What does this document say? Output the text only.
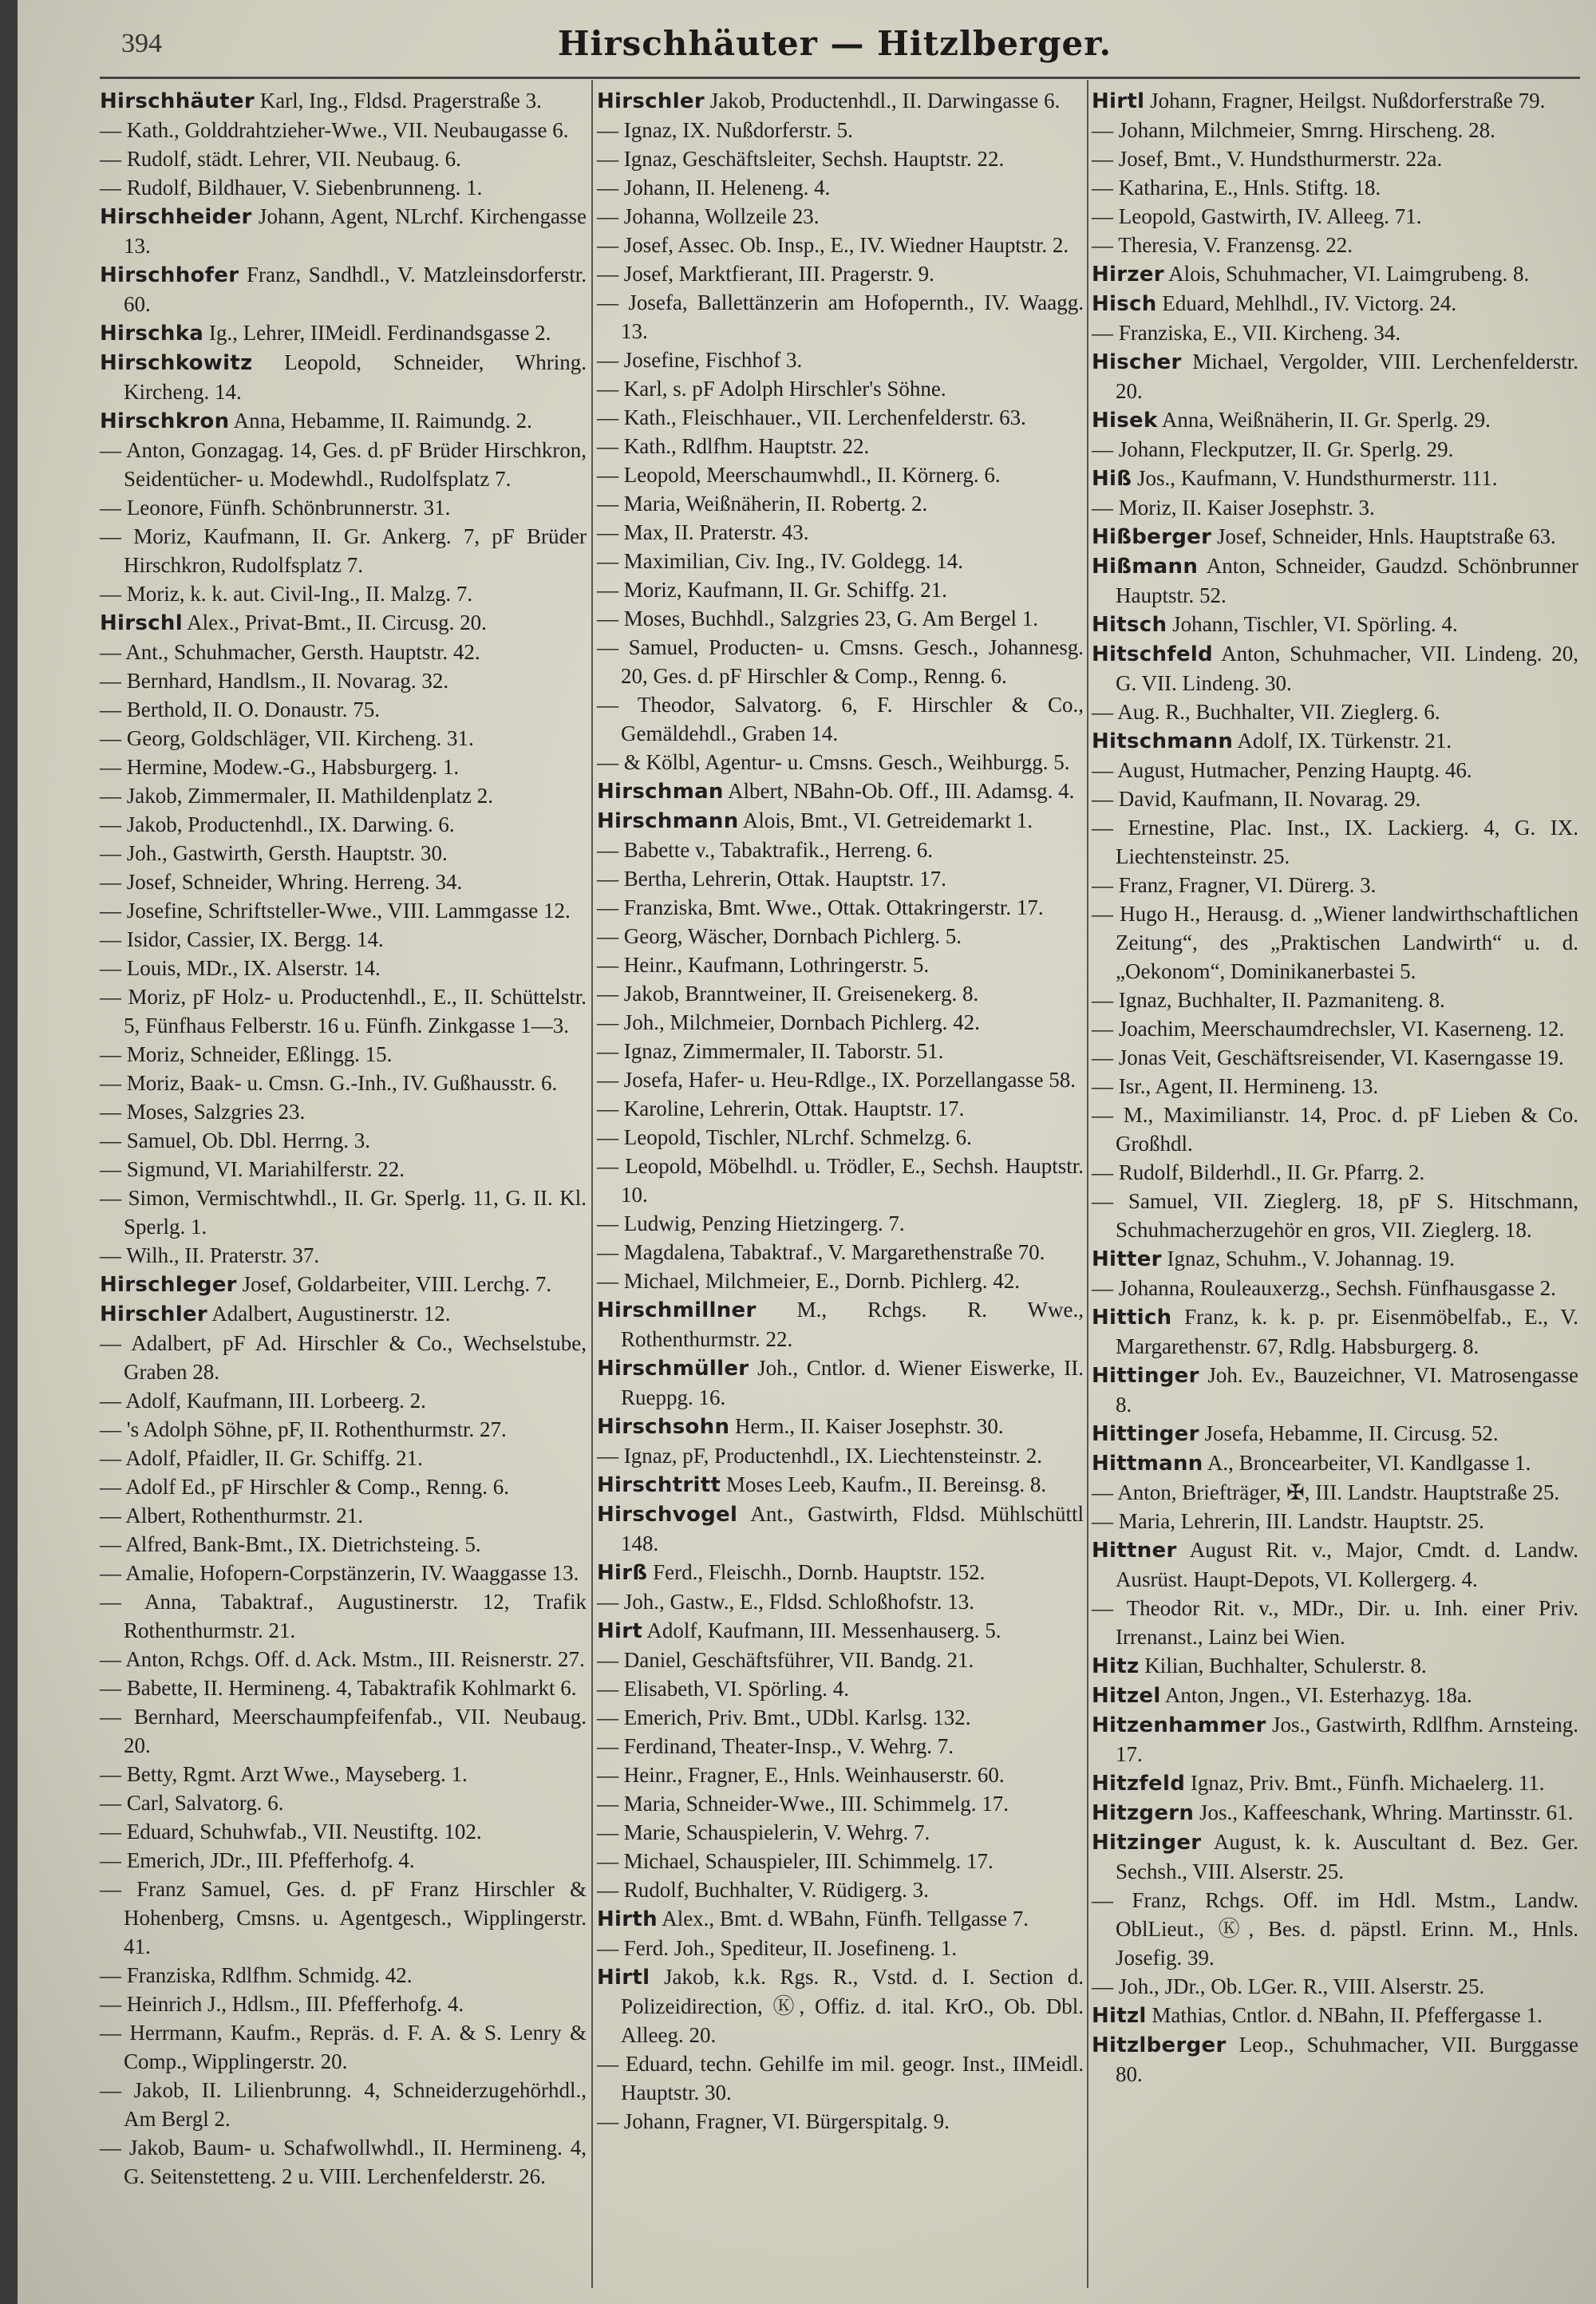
394	Hirschhäuter — Hitzlberger.
Hirschhäuter Karl, Ing., Fldsd. Pragerstraße 3.
— Kath., Golddrahtzieher-Wwe., VII. Neubaugasse 6.
— Rudolf, städt. Lehrer, VII. Neubaug. 6.
— Rudolf, Bildhauer, V. Siebenbrunneng. 1.
Hirschheider Johann, Agent, NLrchf. Kirchengasse 13.
Hirschhofer Franz, Sandhdl., V. Matzleinsdorferstr. 60.
Hirschka Ig., Lehrer, IIMeidl. Ferdinandsgasse 2.
Hirschkowitz Leopold, Schneider, Whring. Kircheng. 14.
Hirschkron Anna, Hebamme, II. Raimundg. 2.
— Anton, Gonzagag. 14, Ges. d. pF Brüder Hirschkron, Seidentücher- u. Modewhdl., Rudolfsplatz 7.
— Leonore, Fünfh. Schönbrunnerstr. 31.
— Moriz, Kaufmann, II. Gr. Ankerg. 7, pF Brüder Hirschkron, Rudolfsplatz 7.
— Moriz, k. k. aut. Civil-Ing., II. Malzg. 7.
Hirschl Alex., Privat-Bmt., II. Circusg. 20.
— Ant., Schuhmacher, Gersth. Hauptstr. 42.
— Bernhard, Handlsm., II. Novarag. 32.
— Berthold, II. O. Donaustr. 75.
— Georg, Goldschläger, VII. Kircheng. 31.
— Hermine, Modew.-G., Habsburgerg. 1.
— Jakob, Zimmermaler, II. Mathildenplatz 2.
— Jakob, Productenhdl., IX. Darwing. 6.
— Joh., Gastwirth, Gersth. Hauptstr. 30.
— Josef, Schneider, Whring. Herreng. 34.
— Josefine, Schriftsteller-Wwe., VIII. Lammgasse 12.
— Isidor, Cassier, IX. Bergg. 14.
— Louis, MDr., IX. Alserstr. 14.
— Moriz, pF Holz- u. Productenhdl., E., II. Schüttelstr. 5, Fünfhaus Felberstr. 16 u. Fünfh. Zinkgasse 1—3.
— Moriz, Schneider, Eßlingg. 15.
— Moriz, Baak- u. Cmsn. G.-Inh., IV. Gußhausstr. 6.
— Moses, Salzgries 23.
— Samuel, Ob. Dbl. Herrng. 3.
— Sigmund, VI. Mariahilferstr. 22.
— Simon, Vermischtwhdl., II. Gr. Sperlg. 11, G. II. Kl. Sperlg. 1.
— Wilh., II. Praterstr. 37.
Hirschleger Josef, Goldarbeiter, VIII. Lerchg. 7.
Hirschler Adalbert, Augustinerstr. 12.
— Adalbert, pF Ad. Hirschler & Co., Wechselstube, Graben 28.
— Adolf, Kaufmann, III. Lorbeerg. 2.
— 's Adolph Söhne, pF, II. Rothenthurmstr. 27.
— Adolf, Pfaidler, II. Gr. Schiffg. 21.
— Adolf Ed., pF Hirschler & Comp., Renng. 6.
— Albert, Rothenthurmstr. 21.
— Alfred, Bank-Bmt., IX. Dietrichsteing. 5.
— Amalie, Hofopern-Corpstänzerin, IV. Waaggasse 13.
— Anna, Tabaktraf., Augustinerstr. 12, Trafik Rothenthurmstr. 21.
— Anton, Rchgs. Off. d. Ack. Mstm., III. Reisnerstr. 27.
— Babette, II. Hermineng. 4, Tabaktrafik Kohlmarkt 6.
— Bernhard, Meerschaumpfeifenfab., VII. Neubaug. 20.
— Betty, Rgmt. Arzt Wwe., Mayseberg. 1.
— Carl, Salvatorg. 6.
— Eduard, Schuhwfab., VII. Neustiftg. 102.
— Emerich, JDr., III. Pfefferhofg. 4.
— Franz Samuel, Ges. d. pF Franz Hirschler & Hohenberg, Cmsns. u. Agentgesch., Wipplingerstr. 41.
— Franziska, Rdlfhm. Schmidg. 42.
— Heinrich J., Hdlsm., III. Pfefferhofg. 4.
— Herrmann, Kaufm., Repräs. d. F. A. & S. Lenry & Comp., Wipplingerstr. 20.
— Jakob, II. Lilienbrunng. 4, Schneiderzugehörhdl., Am Bergl 2.
— Jakob, Baum- u. Schafwollwhdl., II. Hermineng. 4, G. Seitenstetteng. 2 u. VIII. Lerchenfelderstr. 26.
Hirschler Jakob, Productenhdl., II. Darwingasse 6.
— Ignaz, IX. Nußdorferstr. 5.
— Ignaz, Geschäftsleiter, Sechsh. Hauptstr. 22.
— Johann, II. Heleneng. 4.
— Johanna, Wollzeile 23.
— Josef, Assec. Ob. Insp., E., IV. Wiedner Hauptstr. 2.
— Josef, Marktfierant, III. Pragerstr. 9.
— Josefa, Ballettänzerin am Hofopernth., IV. Waagg. 13.
— Josefine, Fischhof 3.
— Karl, s. pF Adolph Hirschler's Söhne.
— Kath., Fleischhauer., VII. Lerchenfelderstr. 63.
— Kath., Rdlfhm. Hauptstr. 22.
— Leopold, Meerschaumwhdl., II. Körnerg. 6.
— Maria, Weißnäherin, II. Robertg. 2.
— Max, II. Praterstr. 43.
— Maximilian, Civ. Ing., IV. Goldegg. 14.
— Moriz, Kaufmann, II. Gr. Schiffg. 21.
— Moses, Buchhdl., Salzgries 23, G. Am Bergel 1.
— Samuel, Producten- u. Cmsns. Gesch., Johannesg. 20, Ges. d. pF Hirschler & Comp., Renng. 6.
— Theodor, Salvatorg. 6, F. Hirschler & Co., Gemäldehdl., Graben 14.
— & Kölbl, Agentur- u. Cmsns. Gesch., Weihburgg. 5.
Hirschman Albert, NBahn-Ob. Off., III. Adamsg. 4.
Hirschmann Alois, Bmt., VI. Getreidemarkt 1.
— Babette v., Tabaktrafik., Herreng. 6.
— Bertha, Lehrerin, Ottak. Hauptstr. 17.
— Franziska, Bmt. Wwe., Ottak. Ottakringerstr. 17.
— Georg, Wäscher, Dornbach Pichlerg. 5.
— Heinr., Kaufmann, Lothringerstr. 5.
— Jakob, Branntweiner, II. Greisenekerg. 8.
— Joh., Milchmeier, Dornbach Pichlerg. 42.
— Ignaz, Zimmermaler, II. Taborstr. 51.
— Josefa, Hafer- u. Heu-Rdlge., IX. Porzellangasse 58.
— Karoline, Lehrerin, Ottak. Hauptstr. 17.
— Leopold, Tischler, NLrchf. Schmelzg. 6.
— Leopold, Möbelhdl. u. Trödler, E., Sechsh. Hauptstr. 10.
— Ludwig, Penzing Hietzingerg. 7.
— Magdalena, Tabaktraf., V. Margarethenstraße 70.
— Michael, Milchmeier, E., Dornb. Pichlerg. 42.
Hirschmillner M., Rchgs. R. Wwe., Rothenthurmstr. 22.
Hirschmüller Joh., Cntlor. d. Wiener Eiswerke, II. Rueppg. 16.
Hirschsohn Herm., II. Kaiser Josephstr. 30.
— Ignaz, pF, Productenhdl., IX. Liechtensteinstr. 2.
Hirschtritt Moses Leeb, Kaufm., II. Bereinsg. 8.
Hirschvogel Ant., Gastwirth, Fldsd. Mühlschüttl 148.
Hirß Ferd., Fleischh., Dornb. Hauptstr. 152.
— Joh., Gastw., E., Fldsd. Schloßhofstr. 13.
Hirt Adolf, Kaufmann, III. Messenhauserg. 5.
— Daniel, Geschäftsführer, VII. Bandg. 21.
— Elisabeth, VI. Spörling. 4.
— Emerich, Priv. Bmt., UDbl. Karlsg. 132.
— Ferdinand, Theater-Insp., V. Wehrg. 7.
— Heinr., Fragner, E., Hnls. Weinhauserstr. 60.
— Maria, Schneider-Wwe., III. Schimmelg. 17.
— Marie, Schauspielerin, V. Wehrg. 7.
— Michael, Schauspieler, III. Schimmelg. 17.
— Rudolf, Buchhalter, V. Rüdigerg. 3.
Hirth Alex., Bmt. d. WBahn, Fünfh. Tellgasse 7.
— Ferd. Joh., Spediteur, II. Josefineng. 1.
Hirtl Jakob, k.k. Rgs. R., Vstd. d. I. Section d. Polizeidirection, Ⓚ, Offiz. d. ital. KrO., Ob. Dbl. Alleeg. 20.
— Eduard, techn. Gehilfe im mil. geogr. Inst., IIMeidl. Hauptstr. 30.
— Johann, Fragner, VI. Bürgerspitalg. 9.
Hirtl Johann, Fragner, Heilgst. Nußdorferstraße 79.
— Johann, Milchmeier, Smrng. Hirscheng. 28.
— Josef, Bmt., V. Hundsthurmerstr. 22a.
— Katharina, E., Hnls. Stiftg. 18.
— Leopold, Gastwirth, IV. Alleeg. 71.
— Theresia, V. Franzensg. 22.
Hirzer Alois, Schuhmacher, VI. Laimgrubeng. 8.
Hisch Eduard, Mehlhdl., IV. Victorg. 24.
— Franziska, E., VII. Kircheng. 34.
Hischer Michael, Vergolder, VIII. Lerchenfelderstr. 20.
Hisek Anna, Weißnäherin, II. Gr. Sperlg. 29.
— Johann, Fleckputzer, II. Gr. Sperlg. 29.
Hiß Jos., Kaufmann, V. Hundsthurmerstr. 111.
— Moriz, II. Kaiser Josephstr. 3.
Hißberger Josef, Schneider, Hnls. Hauptstraße 63.
Hißmann Anton, Schneider, Gaudzd. Schönbrunner Hauptstr. 52.
Hitsch Johann, Tischler, VI. Spörling. 4.
Hitschfeld Anton, Schuhmacher, VII. Lindeng. 20, G. VII. Lindeng. 30.
— Aug. R., Buchhalter, VII. Zieglerg. 6.
Hitschmann Adolf, IX. Türkenstr. 21.
— August, Hutmacher, Penzing Hauptg. 46.
— David, Kaufmann, II. Novarag. 29.
— Ernestine, Plac. Inst., IX. Lackierg. 4, G. IX. Liechtensteinstr. 25.
— Franz, Fragner, VI. Dürerg. 3.
— Hugo H., Herausg. d. „Wiener landwirthschaftlichen Zeitung“, des „Praktischen Landwirth“ u. d. „Oekonom“, Dominikanerbastei 5.
— Ignaz, Buchhalter, II. Pazmaniteng. 8.
— Joachim, Meerschaumdrechsler, VI. Kaserneng. 12.
— Jonas Veit, Geschäftsreisender, VI. Kaserngasse 19.
— Isr., Agent, II. Hermineng. 13.
— M., Maximilianstr. 14, Proc. d. pF Lieben & Co. Großhdl.
— Rudolf, Bilderhdl., II. Gr. Pfarrg. 2.
— Samuel, VII. Zieglerg. 18, pF S. Hitschmann, Schuhmacherzugehör en gros, VII. Zieglerg. 18.
Hitter Ignaz, Schuhm., V. Johannag. 19.
— Johanna, Rouleauxerzg., Sechsh. Fünfhausgasse 2.
Hittich Franz, k. k. p. pr. Eisenmöbelfab., E., V. Margarethenstr. 67, Rdlg. Habsburgerg. 8.
Hittinger Joh. Ev., Bauzeichner, VI. Matrosengasse 8.
Hittinger Josefa, Hebamme, II. Circusg. 52.
Hittmann A., Broncearbeiter, VI. Kandlgasse 1.
— Anton, Briefträger, ✠, III. Landstr. Hauptstraße 25.
— Maria, Lehrerin, III. Landstr. Hauptstr. 25.
Hittner August Rit. v., Major, Cmdt. d. Landw. Ausrüst. Haupt-Depots, VI. Kollergerg. 4.
— Theodor Rit. v., MDr., Dir. u. Inh. einer Priv. Irrenanst., Lainz bei Wien.
Hitz Kilian, Buchhalter, Schulerstr. 8.
Hitzel Anton, Jngen., VI. Esterhazyg. 18a.
Hitzenhammer Jos., Gastwirth, Rdlfhm. Arnsteing. 17.
Hitzfeld Ignaz, Priv. Bmt., Fünfh. Michaelerg. 11.
Hitzgern Jos., Kaffeeschank, Whring. Martinsstr. 61.
Hitzinger August, k. k. Auscultant d. Bez. Ger. Sechsh., VIII. Alserstr. 25.
— Franz, Rchgs. Off. im Hdl. Mstm., Landw. OblLieut., Ⓚ, Bes. d. päpstl. Erinn. M., Hnls. Josefig. 39.
— Joh., JDr., Ob. LGer. R., VIII. Alserstr. 25.
Hitzl Mathias, Cntlor. d. NBahn, II. Pfeffergasse 1.
Hitzlberger Leop., Schuhmacher, VII. Burggasse 80.
